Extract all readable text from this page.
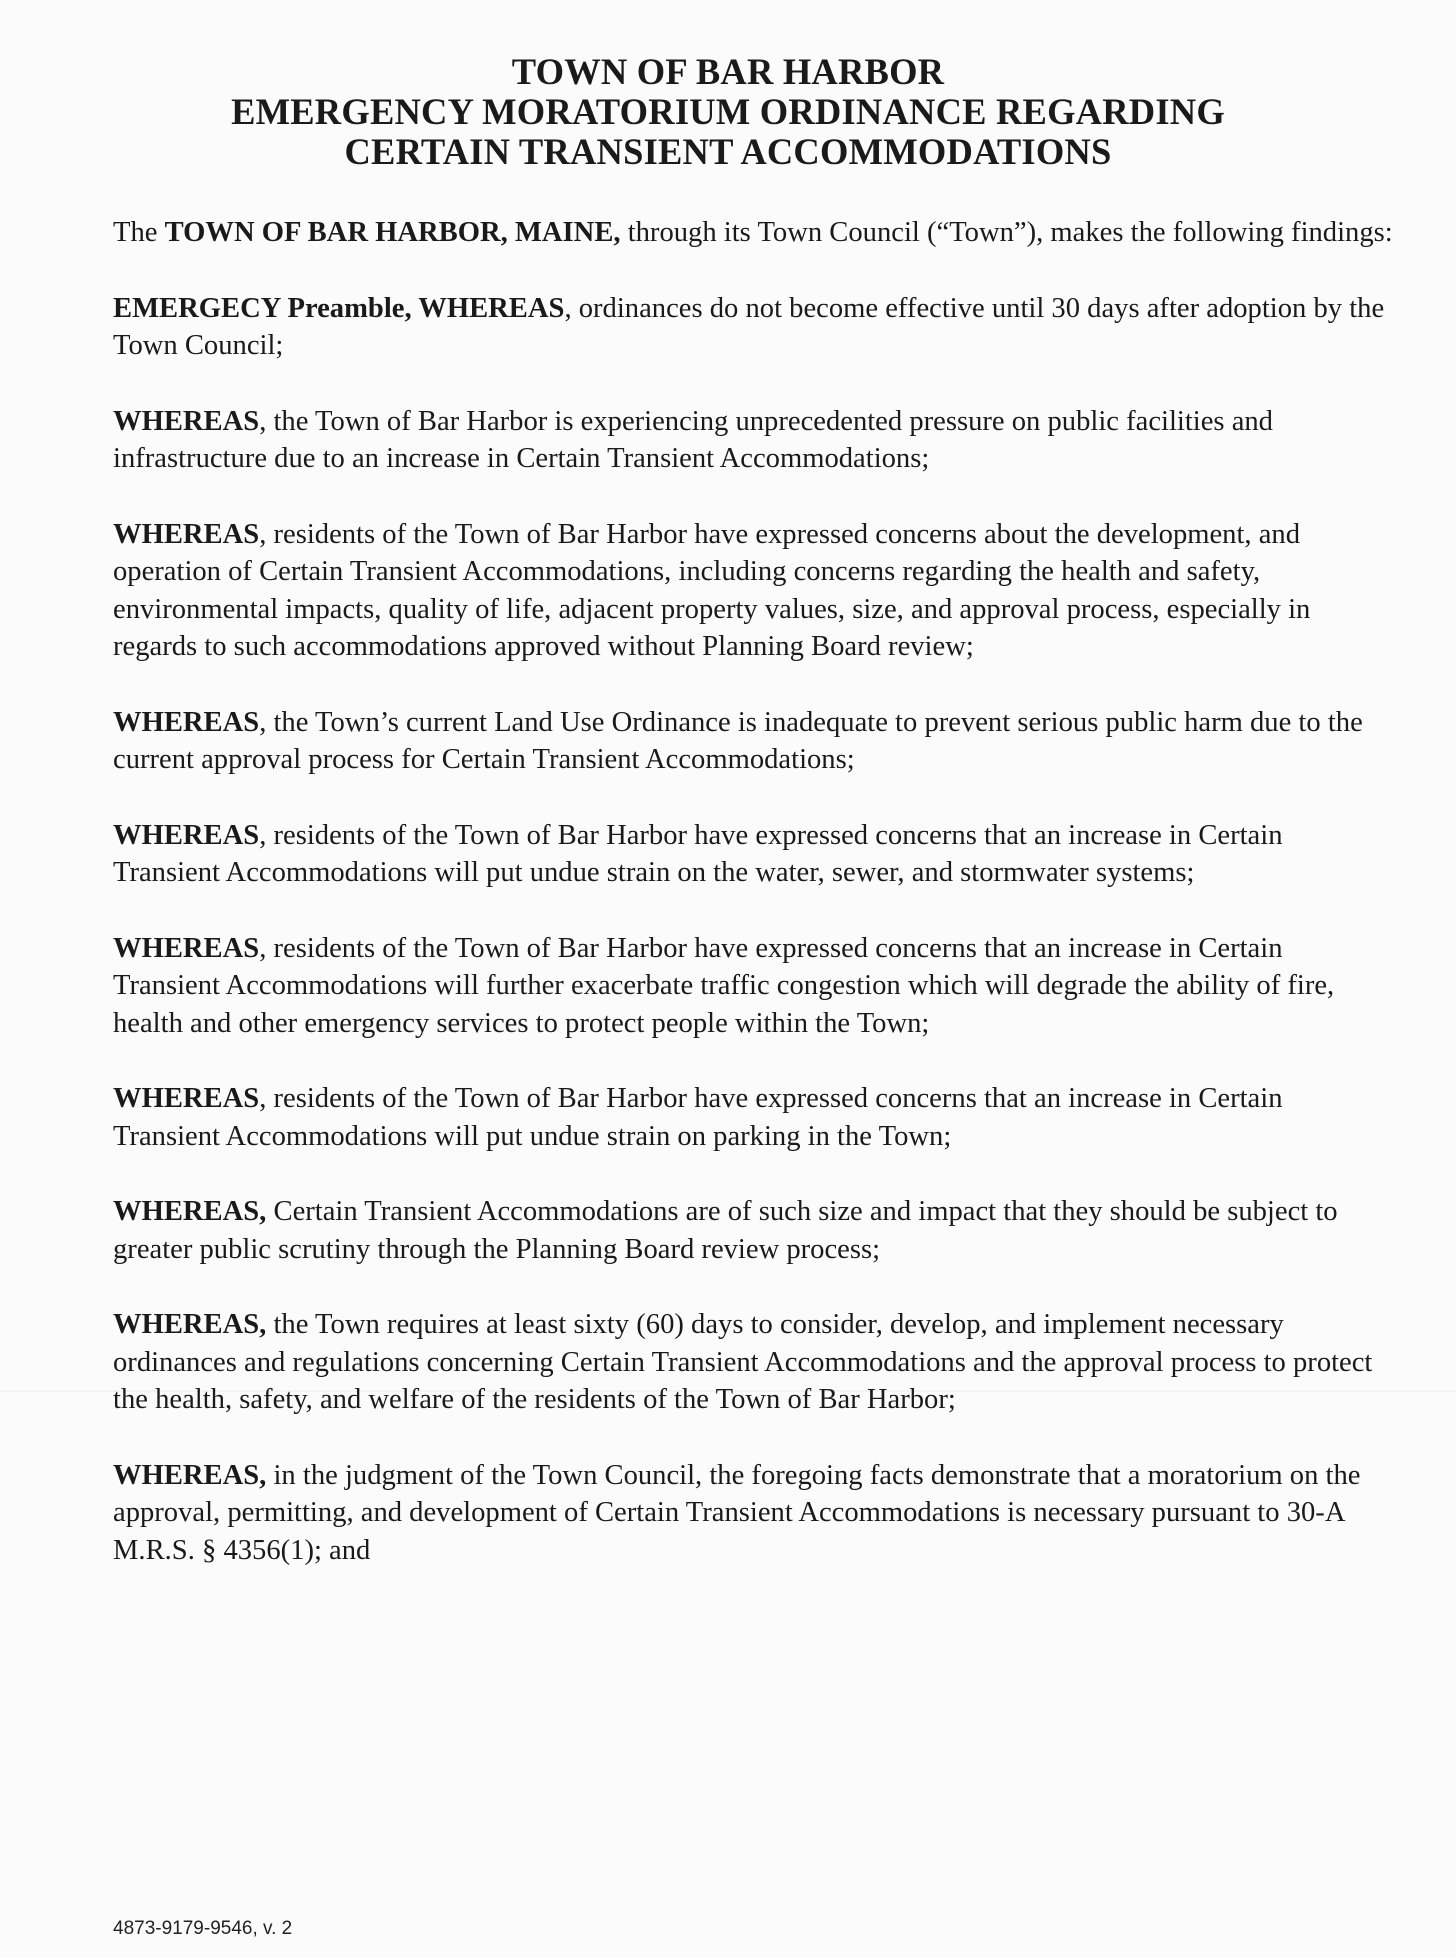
TOWN OF BAR HARBOR
EMERGENCY MORATORIUM ORDINANCE REGARDING
CERTAIN TRANSIENT ACCOMMODATIONS

The TOWN OF BAR HARBOR, MAINE, through its Town Council (“Town”), makes the following findings:

EMERGECY Preamble, WHEREAS, ordinances do not become effective until 30 days after adoption by the Town Council;

WHEREAS, the Town of Bar Harbor is experiencing unprecedented pressure on public facilities and infrastructure due to an increase in Certain Transient Accommodations;

WHEREAS, residents of the Town of Bar Harbor have expressed concerns about the development, and operation of Certain Transient Accommodations, including concerns regarding the health and safety, environmental impacts, quality of life, adjacent property values, size, and approval process, especially in regards to such accommodations approved without Planning Board review;

WHEREAS, the Town’s current Land Use Ordinance is inadequate to prevent serious public harm due to the current approval process for Certain Transient Accommodations;

WHEREAS, residents of the Town of Bar Harbor have expressed concerns that an increase in Certain Transient Accommodations will put undue strain on the water, sewer, and stormwater systems;

WHEREAS, residents of the Town of Bar Harbor have expressed concerns that an increase in Certain Transient Accommodations will further exacerbate traffic congestion which will degrade the ability of fire, health and other emergency services to protect people within the Town;

WHEREAS, residents of the Town of Bar Harbor have expressed concerns that an increase in Certain Transient Accommodations will put undue strain on parking in the Town;

WHEREAS, Certain Transient Accommodations are of such size and impact that they should be subject to greater public scrutiny through the Planning Board review process;

WHEREAS, the Town requires at least sixty (60) days to consider, develop, and implement necessary ordinances and regulations concerning Certain Transient Accommodations and the approval process to protect the health, safety, and welfare of the residents of the Town of Bar Harbor;

WHEREAS, in the judgment of the Town Council, the foregoing facts demonstrate that a moratorium on the approval, permitting, and development of Certain Transient Accommodations is necessary pursuant to 30-A M.R.S. § 4356(1); and

4873-9179-9546, v. 2
